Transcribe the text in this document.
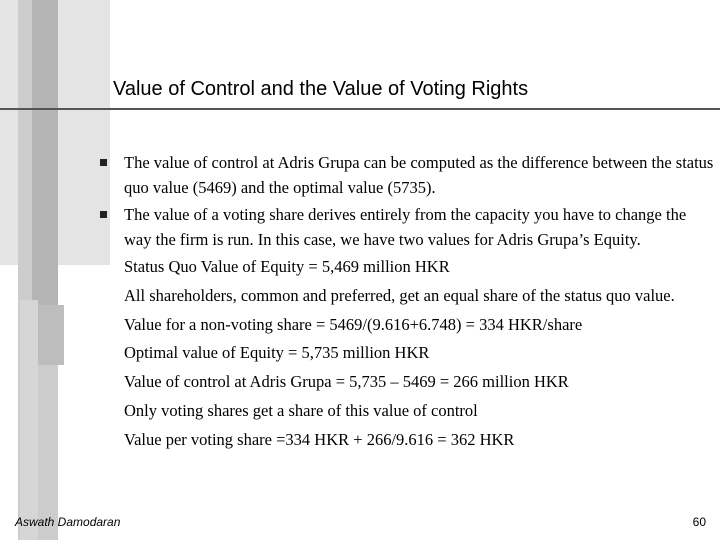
Value of Control and the Value of Voting Rights
The value of control at Adris Grupa can be computed as the difference between the status quo value (5469) and the optimal value (5735).
The value of a voting share derives entirely from the capacity you have to change the way the firm is run. In this case, we have two values for Adris Grupa’s Equity.
Status Quo Value of Equity = 5,469 million HKR
All shareholders, common and preferred, get an equal share of the status quo value.
Value for a non-voting share = 5469/(9.616+6.748) = 334 HKR/share
Optimal value of Equity = 5,735 million HKR
Value of control at Adris Grupa = 5,735 – 5469 = 266 million HKR
Only voting shares get a share of this value of control
Value per voting share =334 HKR + 266/9.616 = 362 HKR
Aswath Damodaran	60
